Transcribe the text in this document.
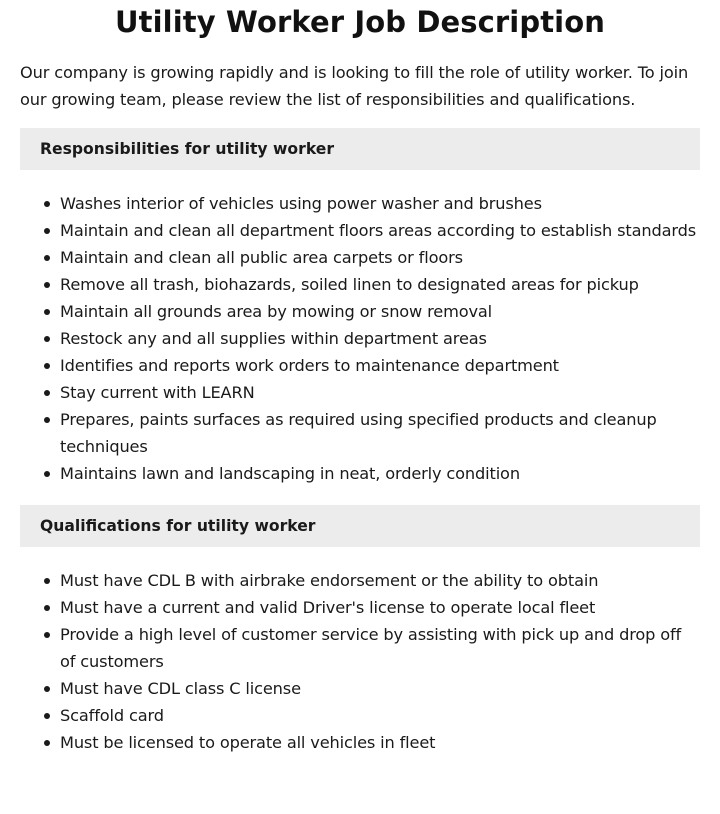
Utility Worker Job Description

Our company is growing rapidly and is looking to fill the role of utility worker. To join our growing team, please review the list of responsibilities and qualifications.

Responsibilities for utility worker
Washes interior of vehicles using power washer and brushes
Maintain and clean all department floors areas according to establish standards
Maintain and clean all public area carpets or floors
Remove all trash, biohazards, soiled linen to designated areas for pickup
Maintain all grounds area by mowing or snow removal
Restock any and all supplies within department areas
Identifies and reports work orders to maintenance department
Stay current with LEARN
Prepares, paints surfaces as required using specified products and cleanup techniques
Maintains lawn and landscaping in neat, orderly condition
Qualifications for utility worker
Must have CDL B with airbrake endorsement or the ability to obtain
Must have a current and valid Driver's license to operate local fleet
Provide a high level of customer service by assisting with pick up and drop off of customers
Must have CDL class C license
Scaffold card
Must be licensed to operate all vehicles in fleet
